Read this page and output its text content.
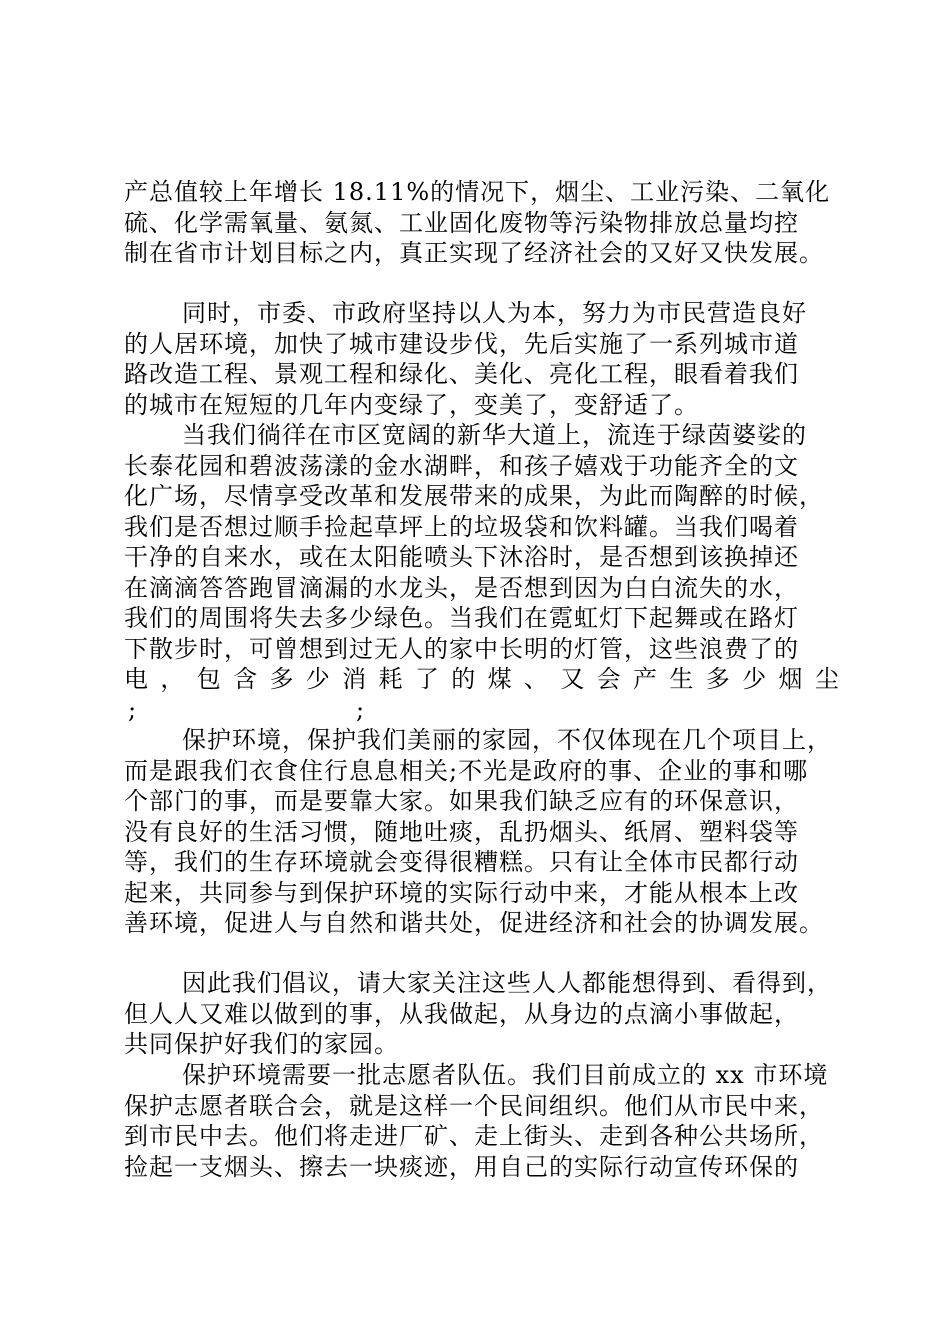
产总值较上年增长 18.11%的情况下，烟尘、工业污染、二氧化
硫、化学需氧量、氨氮、工业固化废物等污染物排放总量均控
制在省市计划目标之内，真正实现了经济社会的又好又快发展。
同时，市委、市政府坚持以人为本，努力为市民营造良好
的人居环境，加快了城市建设步伐，先后实施了一系列城市道
路改造工程、景观工程和绿化、美化、亮化工程，眼看着我们
的城市在短短的几年内变绿了，变美了，变舒适了。
当我们徜徉在市区宽阔的新华大道上，流连于绿茵婆娑的
长泰花园和碧波荡漾的金水湖畔，和孩子嬉戏于功能齐全的文
化广场，尽情享受改革和发展带来的成果，为此而陶醉的时候，
我们是否想过顺手捡起草坪上的垃圾袋和饮料罐。当我们喝着
干净的自来水，或在太阳能喷头下沐浴时，是否想到该换掉还
在滴滴答答跑冒滴漏的水龙头，是否想到因为白白流失的水，
我们的周围将失去多少绿色。当我们在霓虹灯下起舞或在路灯
下散步时，可曾想到过无人的家中长明的灯管，这些浪费了的
电 ， 包 含 多 少 消 耗 了 的 煤 、 又 会 产 生 多 少 烟 尘
;	;
保护环境，保护我们美丽的家园，不仅体现在几个项目上，
而是跟我们衣食住行息息相关;不光是政府的事、企业的事和哪
个部门的事，而是要靠大家。如果我们缺乏应有的环保意识，
没有良好的生活习惯，随地吐痰，乱扔烟头、纸屑、塑料袋等
等，我们的生存环境就会变得很糟糕。只有让全体市民都行动
起来，共同参与到保护环境的实际行动中来，才能从根本上改
善环境，促进人与自然和谐共处，促进经济和社会的协调发展。
因此我们倡议，请大家关注这些人人都能想得到、看得到，
但人人又难以做到的事，从我做起，从身边的点滴小事做起，
共同保护好我们的家园。
保护环境需要一批志愿者队伍。我们目前成立的 xx 市环境
保护志愿者联合会，就是这样一个民间组织。他们从市民中来，
到市民中去。他们将走进厂矿、走上街头、走到各种公共场所，
捡起一支烟头、擦去一块痰迹，用自己的实际行动宣传环保的
